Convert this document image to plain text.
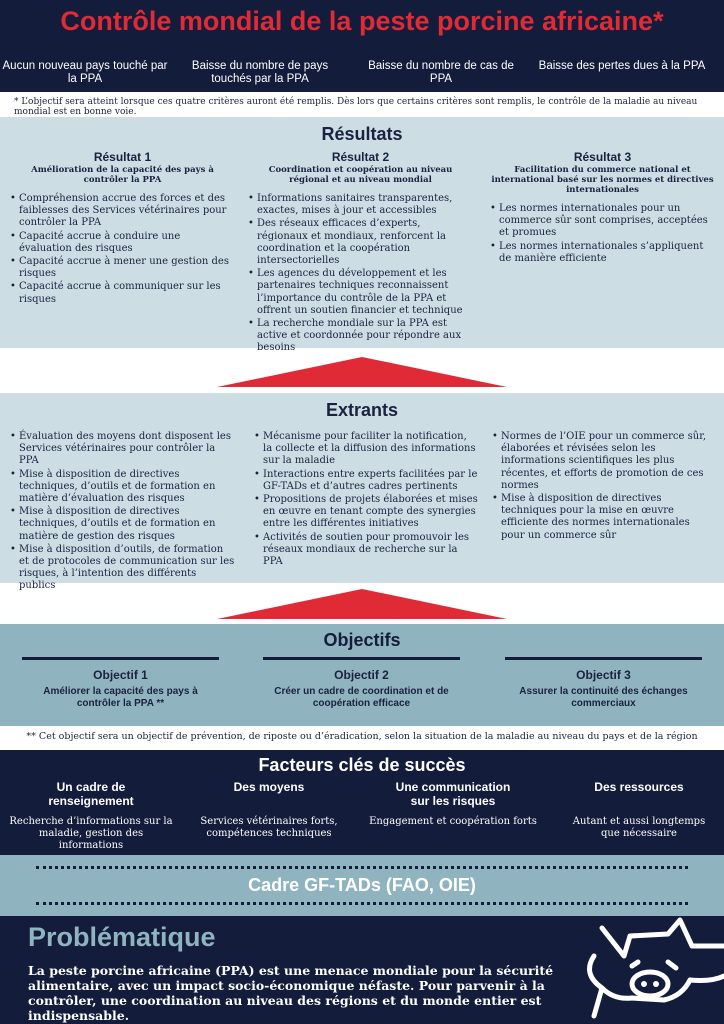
Contrôle mondial de la peste porcine africaine*
Aucun nouveau pays touché par la PPA
Baisse du nombre de pays touchés par la PPA
Baisse du nombre de cas de PPA
Baisse des pertes dues à la PPA
* L’objectif sera atteint lorsque ces quatre critères auront été remplis. Dès lors que certains critères sont remplis, le contrôle de la maladie au niveau mondial est en bonne voie.
Résultats
Résultat 1
Amélioration de la capacité des pays à contrôler la PPA
• Compréhension accrue des forces et des faiblesses des Services vétérinaires pour contrôler la PPA
• Capacité accrue à conduire une évaluation des risques
• Capacité accrue à mener une gestion des risques
• Capacité accrue à communiquer sur les risques
Résultat 2
Coordination et coopération au niveau régional et au niveau mondial
• Informations sanitaires transparentes, exactes, mises à jour et accessibles
• Des réseaux efficaces d’experts, régionaux et mondiaux, renforcent la coordination et la coopération intersectorielles
• Les agences du développement et les partenaires techniques reconnaissent l’importance du contrôle de la PPA et offrent un soutien financier et technique
• La recherche mondiale sur la PPA est active et coordonnée pour répondre aux besoins
Résultat 3
Facilitation du commerce national et international basé sur les normes et directives internationales
• Les normes internationales pour un commerce sûr sont comprises, acceptées et promues
• Les normes internationales s’appliquent de manière efficiente
Extrants
• Évaluation des moyens dont disposent les Services vétérinaires pour contrôler la PPA
• Mise à disposition de directives techniques, d’outils et de formation en matière d’évaluation des risques
• Mise à disposition de directives techniques, d’outils et de formation en matière de gestion des risques
• Mise à disposition d’outils, de formation et de protocoles de communication sur les risques, à l’intention des différents publics
• Mécanisme pour faciliter la notification, la collecte et la diffusion des informations sur la maladie
• Interactions entre experts facilitées par le GF-TADs et d’autres cadres pertinents
• Propositions de projets élaborées et mises en œuvre en tenant compte des synergies entre les différentes initiatives
• Activités de soutien pour promouvoir les réseaux mondiaux de recherche sur la PPA
• Normes de l’OIE pour un commerce sûr, élaborées et révisées selon les informations scientifiques les plus récentes, et efforts de promotion de ces normes
• Mise à disposition de directives techniques pour la mise en œuvre efficiente des normes internationales pour un commerce sûr
Objectifs
Objectif 1
Améliorer la capacité des pays à contrôler la PPA **
Objectif 2
Créer un cadre de coordination et de coopération efficace
Objectif 3
Assurer la continuité des échanges commerciaux
** Cet objectif sera un objectif de prévention, de riposte ou d’éradication, selon la situation de la maladie au niveau du pays et de la région
Facteurs clés de succès
Un cadre de renseignement
Recherche d’informations sur la maladie, gestion des informations
Des moyens
Services vétérinaires forts, compétences techniques
Une communication sur les risques
Engagement et coopération forts
Des ressources
Autant et aussi longtemps que nécessaire
Cadre GF-TADs (FAO, OIE)
Problématique
La peste porcine africaine (PPA) est une menace mondiale pour la sécurité alimentaire, avec un impact socio-économique néfaste. Pour parvenir à la contrôler, une coordination au niveau des régions et du monde entier est indispensable.
